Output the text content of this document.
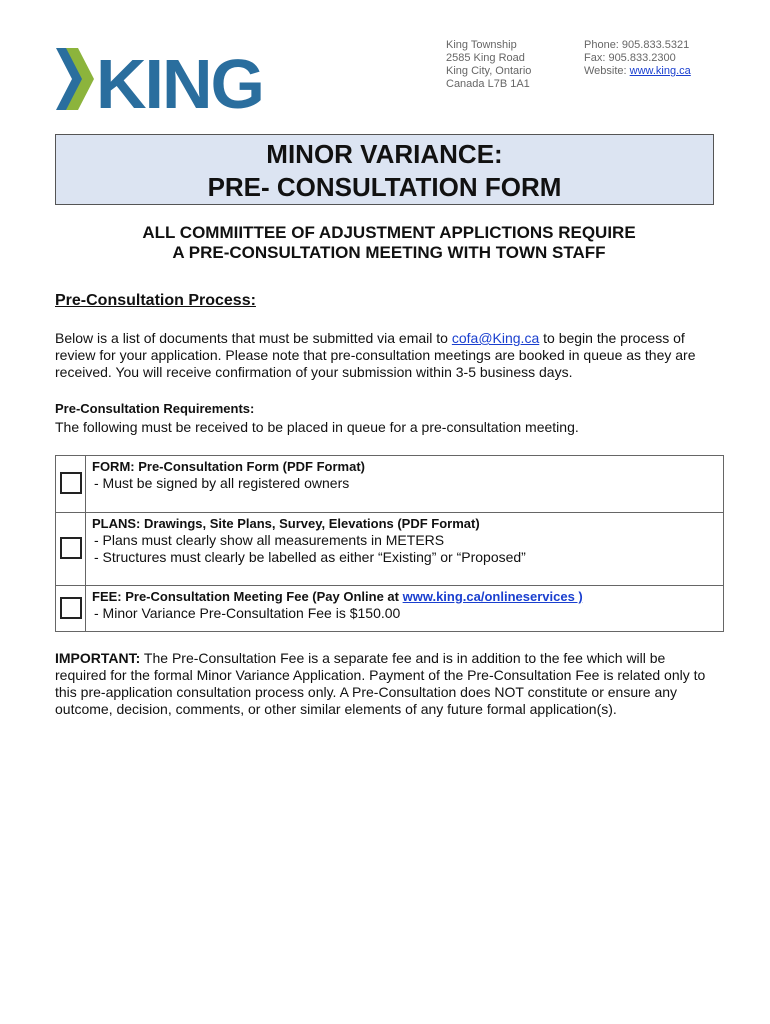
KING	King Township
2585 King Road
King City, Ontario
Canada L7B 1A1
Phone: 905.833.5321
Fax: 905.833.2300
Website: www.king.ca
MINOR VARIANCE:
PRE- CONSULTATION FORM
ALL COMMIITTEE OF ADJUSTMENT APPLICTIONS REQUIRE
A PRE-CONSULTATION MEETING WITH TOWN STAFF
Pre-Consultation Process:
Below is a list of documents that must be submitted via email to cofa@King.ca to begin the process of review for your application. Please note that pre-consultation meetings are booked in queue as they are received. You will receive confirmation of your submission within 3-5 business days.
Pre-Consultation Requirements:
The following must be received to be placed in queue for a pre-consultation meeting.

	FORM: Pre-Consultation Form (PDF Format)
- Must be signed by all registered owners

	PLANS: Drawings, Site Plans, Survey, Elevations (PDF Format)
- Plans must clearly show all measurements in METERS
- Structures must clearly be labelled as either “Existing” or “Proposed”

	FEE: Pre-Consultation Meeting Fee (Pay Online at www.king.ca/onlineservices )
- Minor Variance Pre-Consultation Fee is $150.00
IMPORTANT: The Pre-Consultation Fee is a separate fee and is in addition to the fee which will be required for the formal Minor Variance Application. Payment of the Pre-Consultation Fee is related only to this pre-application consultation process only. A Pre-Consultation does NOT constitute or ensure any outcome, decision, comments, or other similar elements of any future formal application(s).
